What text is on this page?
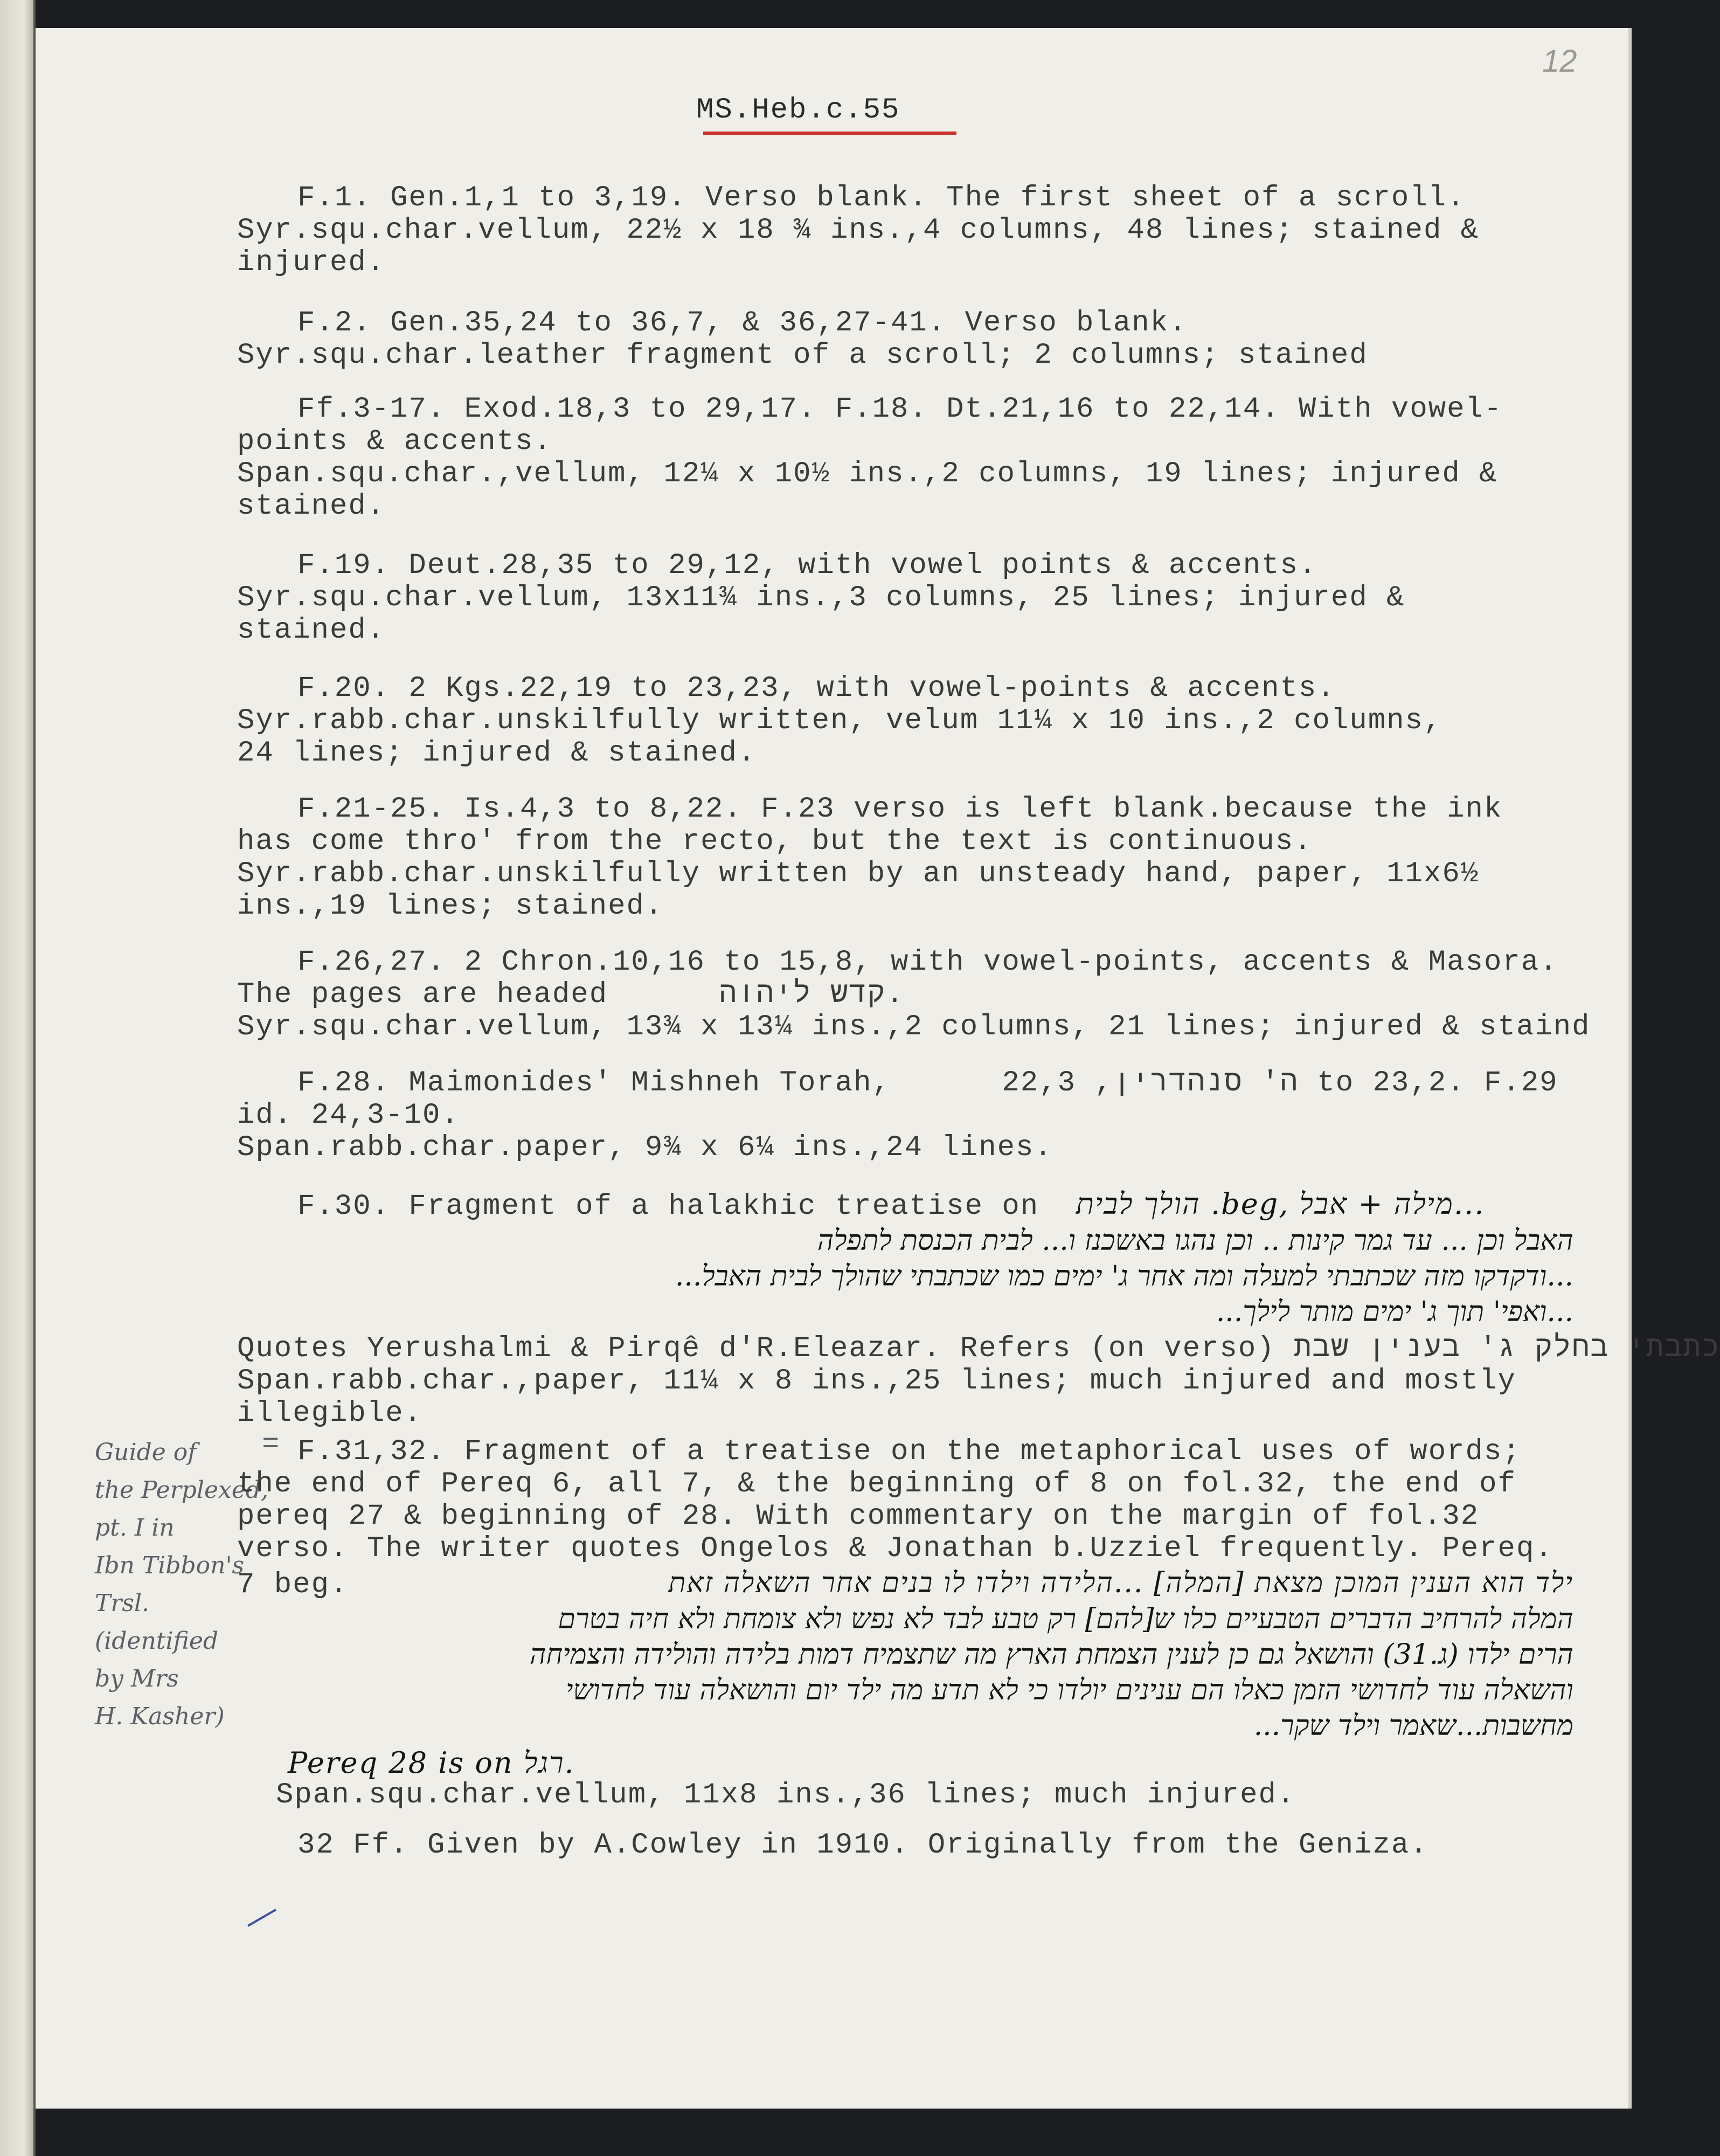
12
MS.Heb.c.55
F.1. Gen.1,1 to 3,19. Verso blank. The first sheet of a scroll.
Syr.squ.char.vellum, 22½ x 18 ¾ ins.,4 columns, 48 lines; stained &
injured.
F.2. Gen.35,24 to 36,7, & 36,27-41. Verso blank.
Syr.squ.char.leather fragment of a scroll; 2 columns; stained
Ff.3-17. Exod.18,3 to 29,17. F.18. Dt.21,16 to 22,14. With vowel-
points & accents.
Span.squ.char.,vellum, 12¼ x 10½ ins.,2 columns, 19 lines; injured &
stained.
F.19. Deut.28,35 to 29,12, with vowel points & accents.
Syr.squ.char.vellum, 13x11¾ ins.,3 columns, 25 lines; injured &
stained.
F.20. 2 Kgs.22,19 to 23,23, with vowel-points & accents.
Syr.rabb.char.unskilfully written, velum 11¼ x 10 ins.,2 columns,
24 lines; injured & stained.
F.21-25. Is.4,3 to 8,22. F.23 verso is left blank.because the ink
has come thro' from the recto, but the text is continuous.
Syr.rabb.char.unskilfully written by an unsteady hand, paper, 11x6½
ins.,19 lines; stained.
F.26,27. 2 Chron.10,16 to 15,8, with vowel-points, accents & Masora.
The pages are headed      קדש ליהוה.
Syr.squ.char.vellum, 13¾ x 13¼ ins.,2 columns, 21 lines; injured & staind
F.28. Maimonides' Mishneh Torah,      ה' סנהדרין, 22,3 to 23,2. F.29
id. 24,3-10.
Span.rabb.char.paper, 9¾ x 6¼ ins.,24 lines.
F.30. Fragment of a halakhic treatise on הולך לבית .beg, מילה + אבל...
האבל וכן ... עד גמר קינות .. וכן נהגו באשכנז ו... לבית הכנסת לתפלה
...ודקדקו מזה שכתבתי למעלה ומה אחר ג' ימים כמו שכתבתי שהולך לבית האבל...
...ואפי' תוך ג' ימים מותר לילך...
Quotes Yerushalmi & Pirqê d'R.Eleazar. Refers (on verso) כתבתי בחלק ג' בענין שבת
Span.rabb.char.,paper, 11¼ x 8 ins.,25 lines; much injured and mostly
illegible.
=
Guide of
the Perplexed,
pt. I in
Ibn Tibbon's
Trsl.
(identified
by Mrs
H. Kasher)
F.31,32. Fragment of a treatise on the metaphorical uses of words;
the end of Pereq 6, all 7, & the beginning of 8 on fol.32, the end of
pereq 27 & beginning of 28. With commentary on the margin of fol.32
verso. The writer quotes Ongelos & Jonathan b.Uzziel frequently. Pereq.
7 beg.	ילד הוא הענין המוכן מצאת [המלה] ...הלידה וילדו לו בנים אחר השאלה זאת
המלה להרחיב הדברים הטבעיים כלו ש[להם] רק טבע לבד לא נפש ולא צומחת ולא חיה בטרם
הרים ילדו (ג.31) והושאל גם כן לענין הצמחת הארץ מה שתצמיח דמות בלידה והולידה והצמיחה
והשאלה עוד לחדושי הזמן כאלו הם ענינים יולדו כי לא תדע מה ילד יום והושאלה עוד לחדושי
מחשבות...שאמר וילד שקר...
Pereq 28 is on רגל.
Span.squ.char.vellum, 11x8 ins.,36 lines; much injured.
32 Ff. Given by A.Cowley in 1910. Originally from the Geniza.
